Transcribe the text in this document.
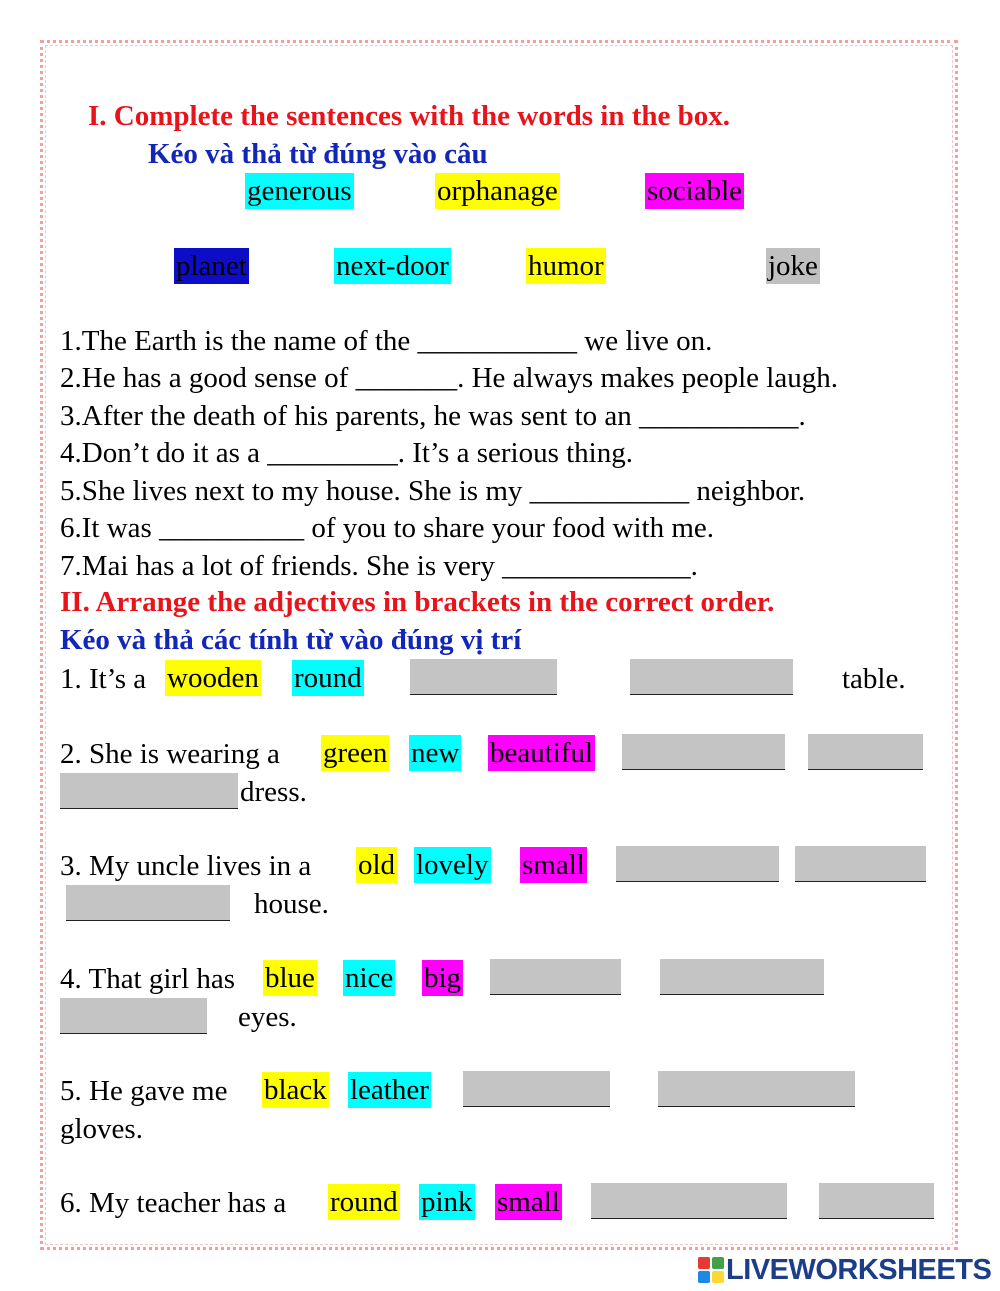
I. Complete the sentences with the words in the box.
Kéo và thả từ đúng vào câu
generous	orphanage	sociable
planet	next-door	humor	joke
1.The Earth is the name of the ___________ we live on.
2.He has a good sense of _______. He always makes people laugh.
3.After the death of his parents, he was sent to an ___________.
4.Don’t do it as a _________. It’s a serious thing.
5.She lives next to my house. She is my ___________ neighbor.
6.It was __________ of you to share your food with me.
7.Mai has a lot of friends. She is very _____________.
II. Arrange the adjectives in brackets in the correct order.
Kéo và thả các tính từ vào đúng vị trí
1. It’s a wooden round	table.
2. She is wearing a green new beautiful
dress.
3. My uncle lives in a old lovely small
house.
4. That girl has blue nice big
eyes.
5. He gave me black leather
gloves.
6. My teacher has a round pink small
LIVEWORKSHEETS
